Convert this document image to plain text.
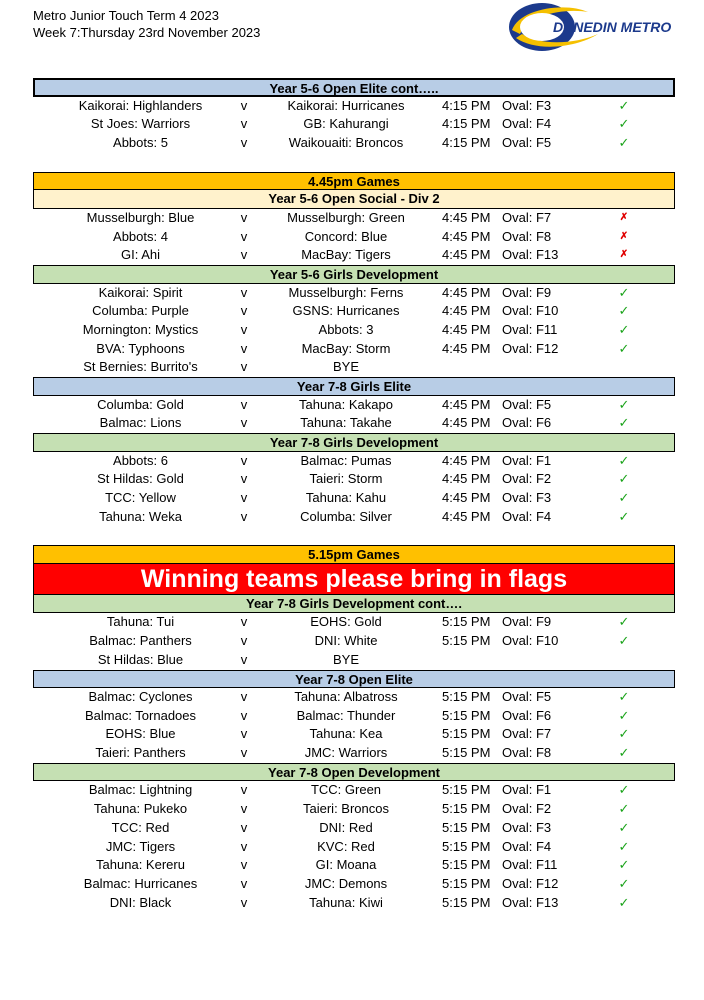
Metro Junior Touch Term 4 2023
Week 7:Thursday 23rd November 2023	DUNEDIN METRO
Year 5-6 Open Elite cont…..
Kaikorai: Highlanders	v	Kaikorai: Hurricanes	4:15 PM Oval: F3	✓
St Joes: Warriors	v	GB: Kahurangi	4:15 PM Oval: F4	✓
Abbots: 5	v	Waikouaiti: Broncos	4:15 PM Oval: F5	✓
4.45pm Games
Year 5-6 Open Social - Div 2
Musselburgh: Blue	v	Musselburgh: Green	4:45 PM Oval: F7	✗
Abbots: 4	v	Concord: Blue	4:45 PM Oval: F8	✗
GI: Ahi	v	MacBay: Tigers	4:45 PM Oval: F13	✗
Year 5-6 Girls Development
Kaikorai: Spirit	v	Musselburgh: Ferns	4:45 PM Oval: F9	✓
Columba: Purple	v	GSNS: Hurricanes	4:45 PM Oval: F10	✓
Mornington: Mystics	v	Abbots: 3	4:45 PM Oval: F11	✓
BVA: Typhoons	v	MacBay: Storm	4:45 PM Oval: F12	✓
St Bernies: Burrito's	v	BYE
Year 7-8 Girls Elite
Columba: Gold	v	Tahuna: Kakapo	4:45 PM Oval: F5	✓
Balmac: Lions	v	Tahuna: Takahe	4:45 PM Oval: F6	✓
Year 7-8 Girls Development
Abbots: 6	v	Balmac: Pumas	4:45 PM Oval: F1	✓
St Hildas: Gold	v	Taieri: Storm	4:45 PM Oval: F2	✓
TCC: Yellow	v	Tahuna: Kahu	4:45 PM Oval: F3	✓
Tahuna: Weka	v	Columba: Silver	4:45 PM Oval: F4	✓
5.15pm Games
Winning teams please bring in flags
Year 7-8 Girls Development cont….
Tahuna: Tui	v	EOHS: Gold	5:15 PM Oval: F9	✓
Balmac: Panthers	v	DNI: White	5:15 PM Oval: F10	✓
St Hildas: Blue	v	BYE
Year 7-8 Open Elite
Balmac: Cyclones	v	Tahuna: Albatross	5:15 PM Oval: F5	✓
Balmac: Tornadoes	v	Balmac: Thunder	5:15 PM Oval: F6	✓
EOHS: Blue	v	Tahuna: Kea	5:15 PM Oval: F7	✓
Taieri: Panthers	v	JMC: Warriors	5:15 PM Oval: F8	✓
Year 7-8 Open Development
Balmac: Lightning	v	TCC: Green	5:15 PM Oval: F1	✓
Tahuna: Pukeko	v	Taieri: Broncos	5:15 PM Oval: F2	✓
TCC: Red	v	DNI: Red	5:15 PM Oval: F3	✓
JMC: Tigers	v	KVC: Red	5:15 PM Oval: F4	✓
Tahuna: Kereru	v	GI: Moana	5:15 PM Oval: F11	✓
Balmac: Hurricanes	v	JMC: Demons	5:15 PM Oval: F12	✓
DNI: Black	v	Tahuna: Kiwi	5:15 PM Oval: F13	✓
